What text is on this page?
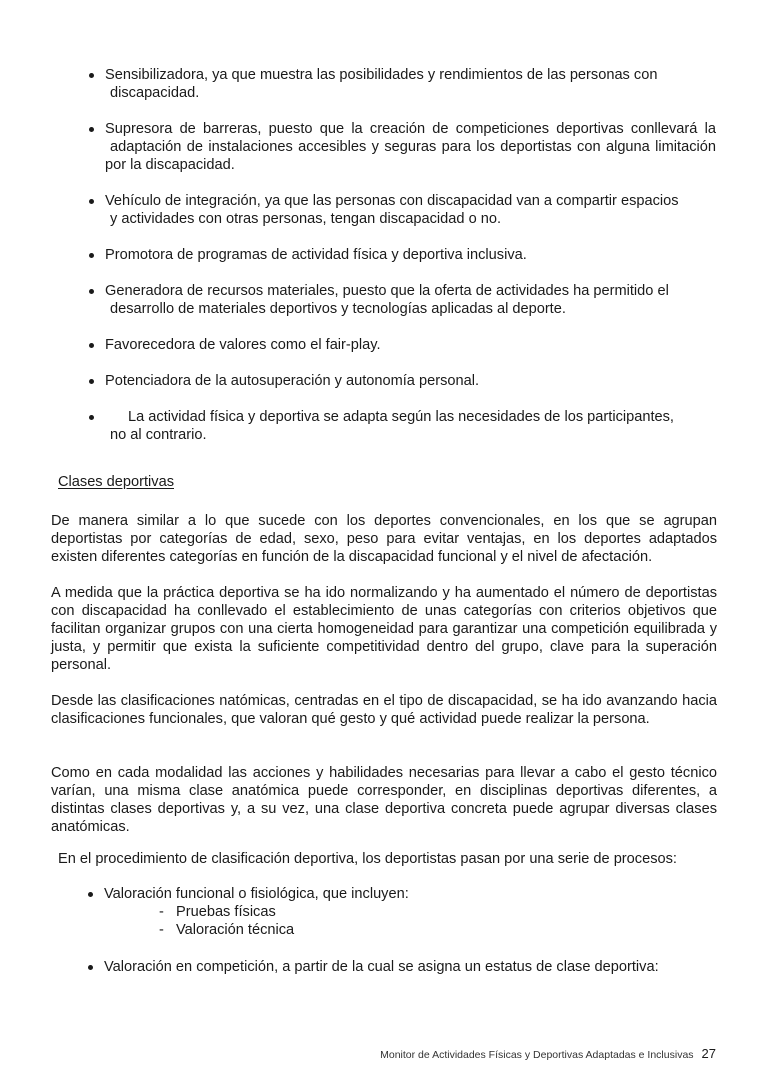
Sensibilizadora, ya que muestra las posibilidades y rendimientos de las personas con
discapacidad.
Supresora de barreras, puesto que la creación de competiciones deportivas conllevará la adaptación de instalaciones accesibles y seguras para los deportistas con alguna limitación por la discapacidad.
Vehículo de integración, ya que las personas con discapacidad van a compartir espacios
y actividades con otras personas, tengan discapacidad o no.
Promotora de programas de actividad física y deportiva inclusiva.
Generadora de recursos materiales, puesto que la oferta de actividades ha permitido el
desarrollo de materiales deportivos y tecnologías aplicadas al deporte.
Favorecedora de valores como el fair-play.
Potenciadora de la autosuperación y autonomía personal.
La actividad física y deportiva se adapta según las necesidades de los participantes,
no al contrario.
Clases deportivas

De manera similar a lo que sucede con los deportes convencionales, en los que se agrupan deportistas por categorías de edad, sexo, peso para evitar ventajas, en los deportes adaptados existen diferentes categorías en función de la discapacidad funcional y el nivel de afectación.

A medida que la práctica deportiva se ha ido normalizando y ha aumentado el número de deportistas con discapacidad ha conllevado el establecimiento de unas categorías con criterios objetivos que facilitan organizar grupos con una cierta homogeneidad para garantizar una competición equilibrada y justa, y permitir que exista la suficiente competitividad dentro del grupo, clave para la superación personal.

Desde las clasificaciones natómicas, centradas en el tipo de discapacidad, se ha ido avanzando hacia clasificaciones funcionales, que valoran qué gesto y qué actividad puede realizar la persona.

Como en cada modalidad las acciones y habilidades necesarias para llevar a cabo el gesto técnico varían, una misma clase anatómica puede corresponder, en disciplinas deportivas diferentes, a distintas clases deportivas y, a su vez, una clase deportiva concreta puede agrupar diversas clases anatómicas.

En el procedimiento de clasificación deportiva, los deportistas pasan por una serie de procesos:

Valoración funcional o fisiológica, que incluyen:
- Pruebas físicas
- Valoración técnica
Valoración en competición, a partir de la cual se asigna un estatus de clase deportiva:
Monitor de Actividades Físicas y Deportivas Adaptadas e Inclusivas 27
